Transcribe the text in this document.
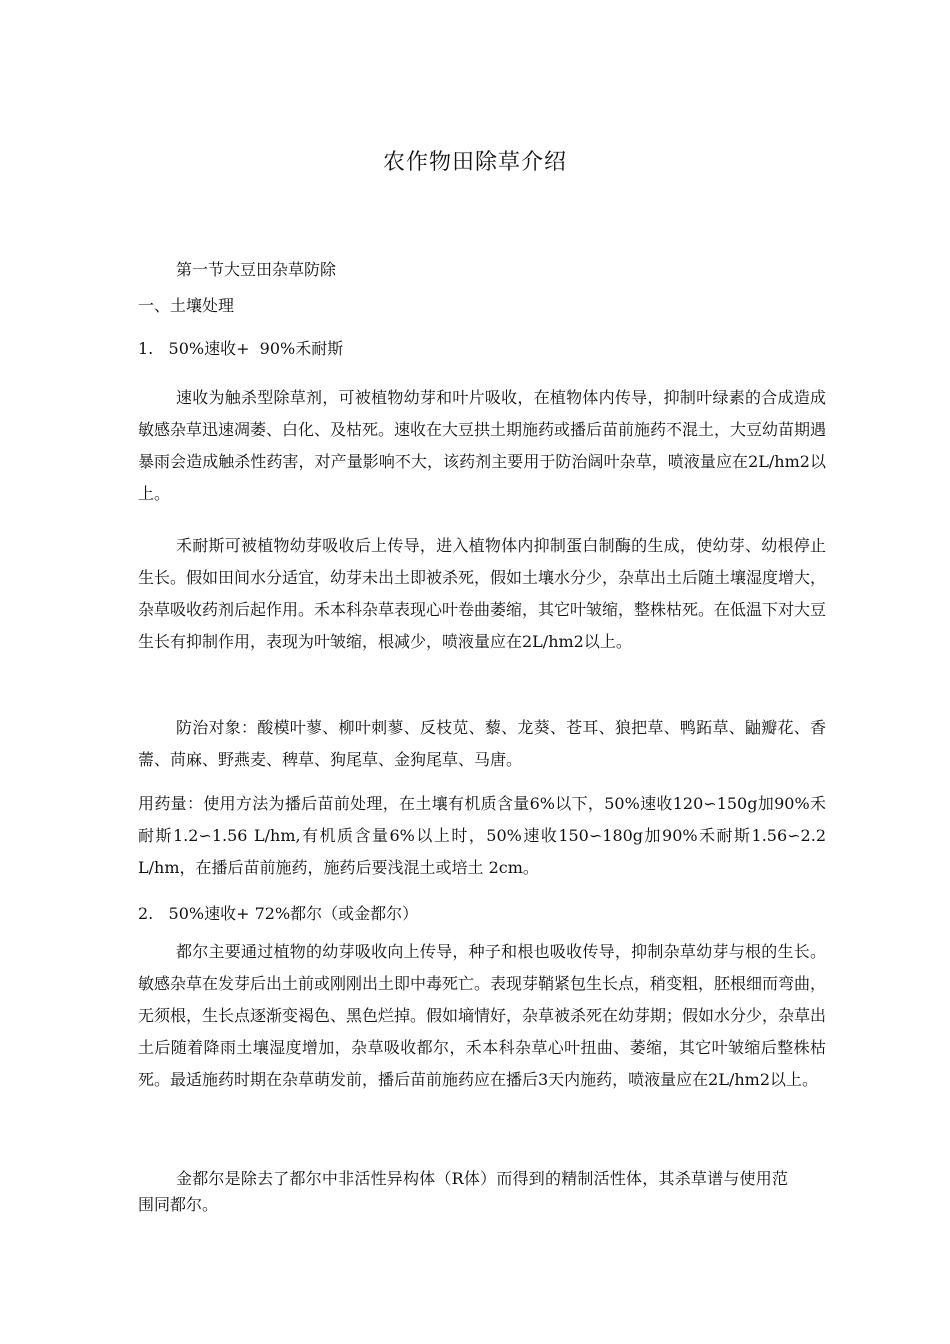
农作物田除草介绍
第一节大豆田杂草防除
一、土壤处理
1.   50%速收+  90%禾耐斯

速收为触杀型除草剂，可被植物幼芽和叶片吸收，在植物体内传导，抑制叶绿素的合成造成敏感杂草迅速凋萎、白化、及枯死。速收在大豆拱土期施药或播后苗前施药不混土，大豆幼苗期遇暴雨会造成触杀性药害，对产量影响不大，该药剂主要用于防治阔叶杂草，喷液量应在2L/hm2以上。

禾耐斯可被植物幼芽吸收后上传导，进入植物体内抑制蛋白制酶的生成，使幼芽、幼根停止生长。假如田间水分适宜，幼芽未出土即被杀死，假如土壤水分少，杂草出土后随土壤湿度增大，杂草吸收药剂后起作用。禾本科杂草表现心叶卷曲萎缩，其它叶皱缩，整株枯死。在低温下对大豆生长有抑制作用，表现为叶皱缩，根减少，喷液量应在2L/hm2以上。

防治对象：酸模叶蓼、柳叶刺蓼、反枝苋、藜、龙葵、苍耳、狼把草、鸭跖草、鼬瓣花、香薷、苘麻、野燕麦、稗草、狗尾草、金狗尾草、马唐。

用药量：使用方法为播后苗前处理，在土壤有机质含量6%以下，50%速收120∽150g加90%禾耐斯1.2∽1.56 L/hm,有机质含量6%以上时，50%速收150∽180g加90%禾耐斯1.56∽2.2 L/hm，在播后苗前施药，施药后要浅混土或培土 2cm。

2.   50%速收+ 72%都尔（或金都尔）

都尔主要通过植物的幼芽吸收向上传导，种子和根也吸收传导，抑制杂草幼芽与根的生长。敏感杂草在发芽后出土前或刚刚出土即中毒死亡。表现芽鞘紧包生长点，稍变粗，胚根细而弯曲，无须根，生长点逐渐变褐色、黑色烂掉。假如墒情好，杂草被杀死在幼芽期；假如水分少，杂草出土后随着降雨土壤湿度增加，杂草吸收都尔，禾本科杂草心叶扭曲、萎缩，其它叶皱缩后整株枯死。最适施药时期在杂草萌发前，播后苗前施药应在播后3天内施药，喷液量应在2L/hm2以上。

金都尔是除去了都尔中非活性异构体（R体）而得到的精制活性体，其杀草谱与使用范围同都尔。
